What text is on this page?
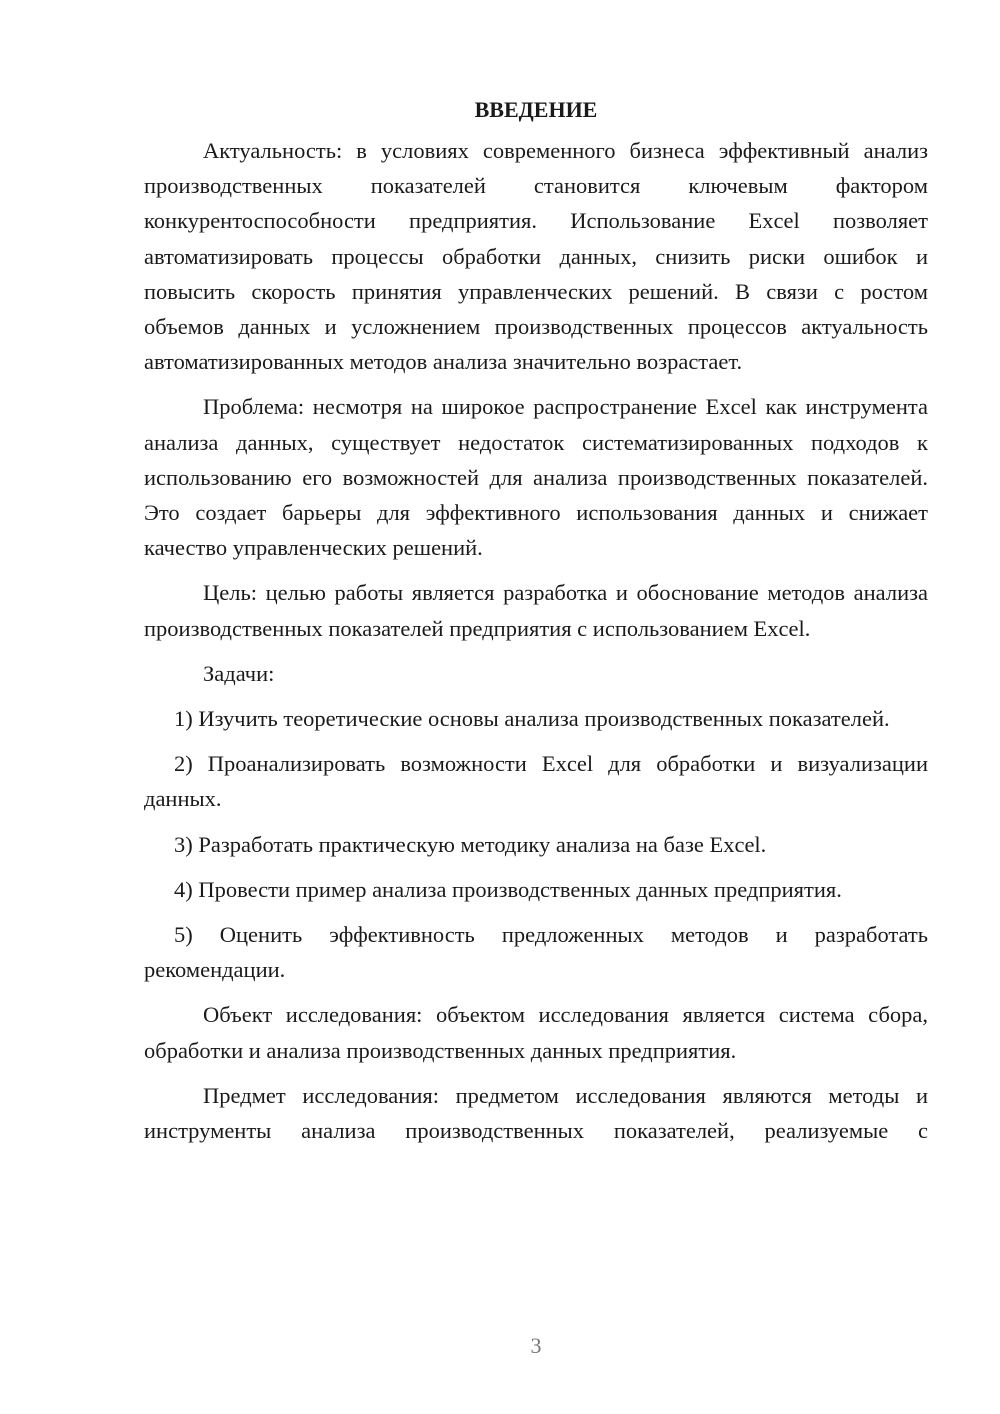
ВВЕДЕНИЕ

Актуальность: в условиях современного бизнеса эффективный анализ производственных показателей становится ключевым фактором конкурентоспособности предприятия. Использование Excel позволяет автоматизировать процессы обработки данных, снизить риски ошибок и повысить скорость принятия управленческих решений. В связи с ростом объемов данных и усложнением производственных процессов актуальность автоматизированных методов анализа значительно возрастает.

Проблема: несмотря на широкое распространение Excel как инструмента анализа данных, существует недостаток систематизированных подходов к использованию его возможностей для анализа производственных показателей. Это создает барьеры для эффективного использования данных и снижает качество управленческих решений.

Цель: целью работы является разработка и обоснование методов анализа производственных показателей предприятия с использованием Excel.

Задачи:

1) Изучить теоретические основы анализа производственных показателей.

2) Проанализировать возможности Excel для обработки и визуализации данных.

3) Разработать практическую методику анализа на базе Excel.

4) Провести пример анализа производственных данных предприятия.

5) Оценить эффективность предложенных методов и разработать рекомендации.

Объект исследования: объектом исследования является система сбора, обработки и анализа производственных данных предприятия.

Предмет исследования: предметом исследования являются методы и инструменты анализа производственных показателей, реализуемые с

3
